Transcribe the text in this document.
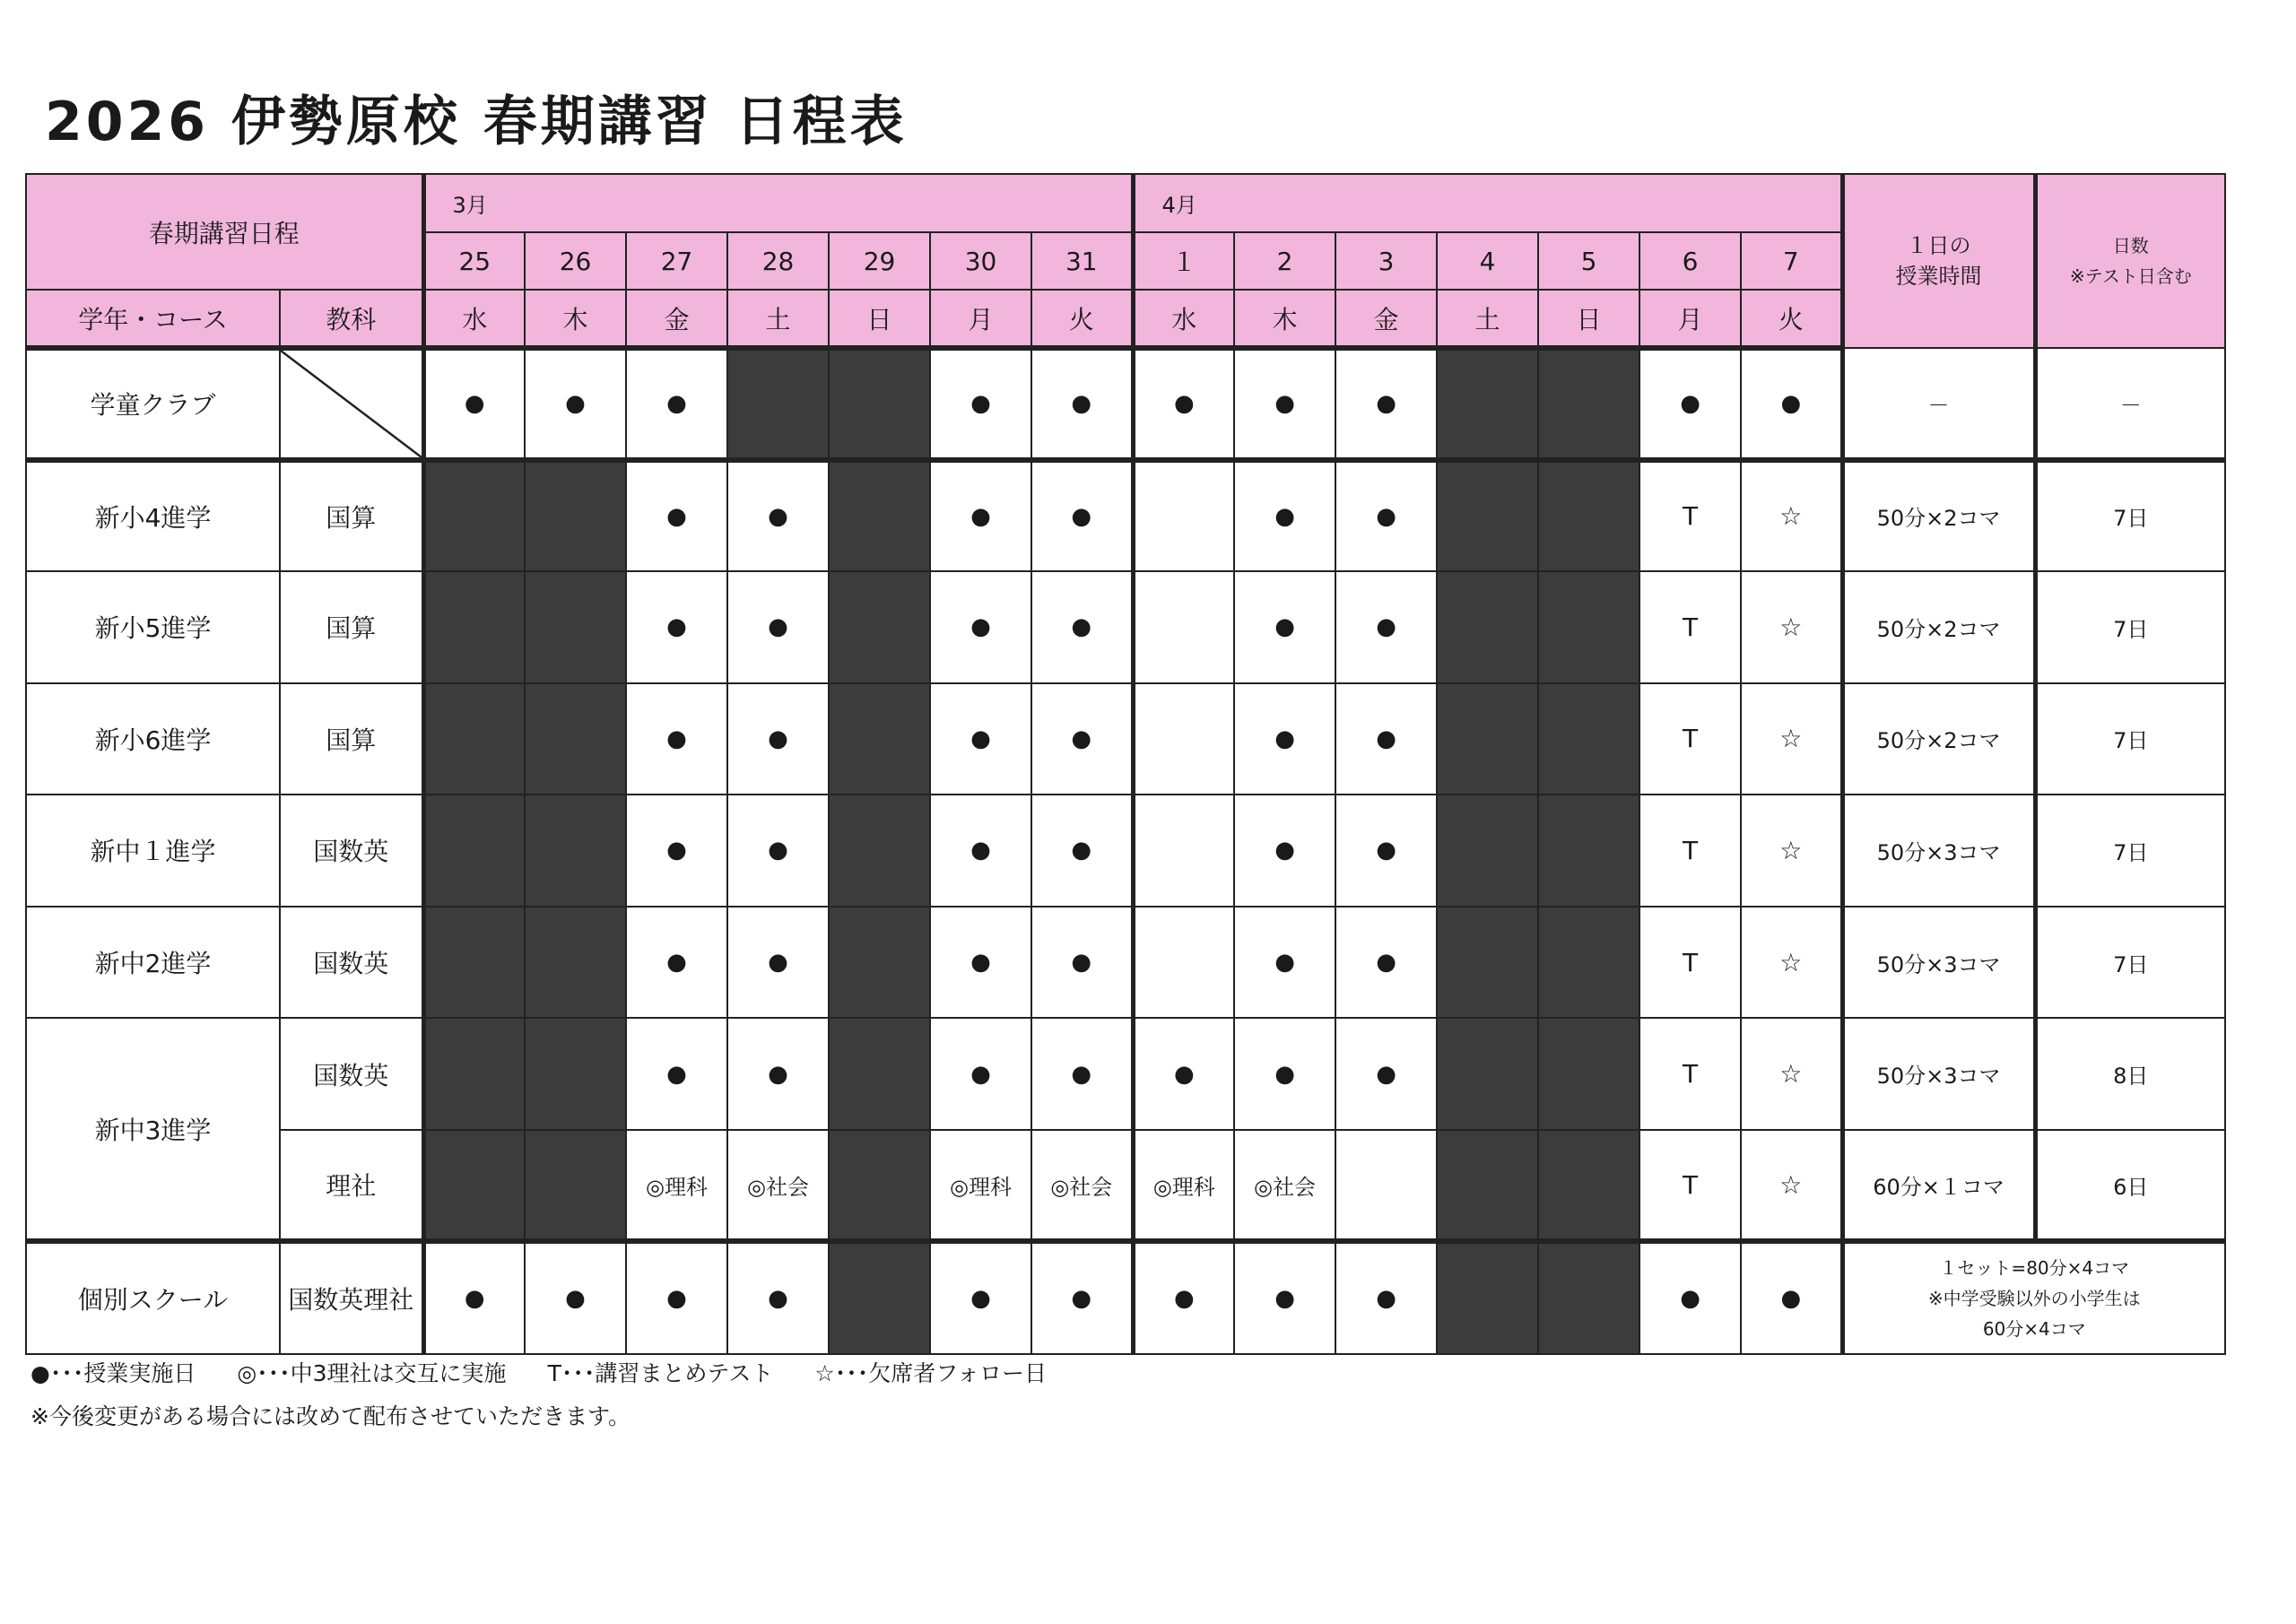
2026 伊勢原校 春期講習 日程表
春期講習日程		3月							4月							１日の
授業時間	日数
※テスト日含む
		25	26	27	28	29	30	31	１	2	3	4	5	6	7		
学年・コース	教科	水	木	金	土	日	月	火	水	木	金	土	日	月	火		
学童クラブ		●	●	●			●	●	●	●	●			●	●	－	－
新小4進学	国算			●	●		●	●		●	●			T	☆	50分×2コマ	7日
新小5進学	国算			●	●		●	●		●	●			T	☆	50分×2コマ	7日
新小6進学	国算			●	●		●	●		●	●			T	☆	50分×2コマ	7日
新中１進学	国数英			●	●		●	●		●	●			T	☆	50分×3コマ	7日
新中2進学	国数英			●	●		●	●		●	●			T	☆	50分×3コマ	7日
新中3進学	国数英			●	●		●	●	●	●	●			T	☆	50分×3コマ	8日
	理社			◎理科	◎社会		◎理科	◎社会	◎理科	◎社会				T	☆	60分×１コマ	6日
個別スクール	国数英理社	●	●	●	●		●	●	●	●	●			●	●	１セット=80分×4コマ
※中学受験以外の小学生は
60分×4コマ	
●･･･授業実施日 ◎･･･中3理社は交互に実施 T･･･講習まとめテスト ☆･･･欠席者フォロー日
※今後変更がある場合には改めて配布させていただきます。
